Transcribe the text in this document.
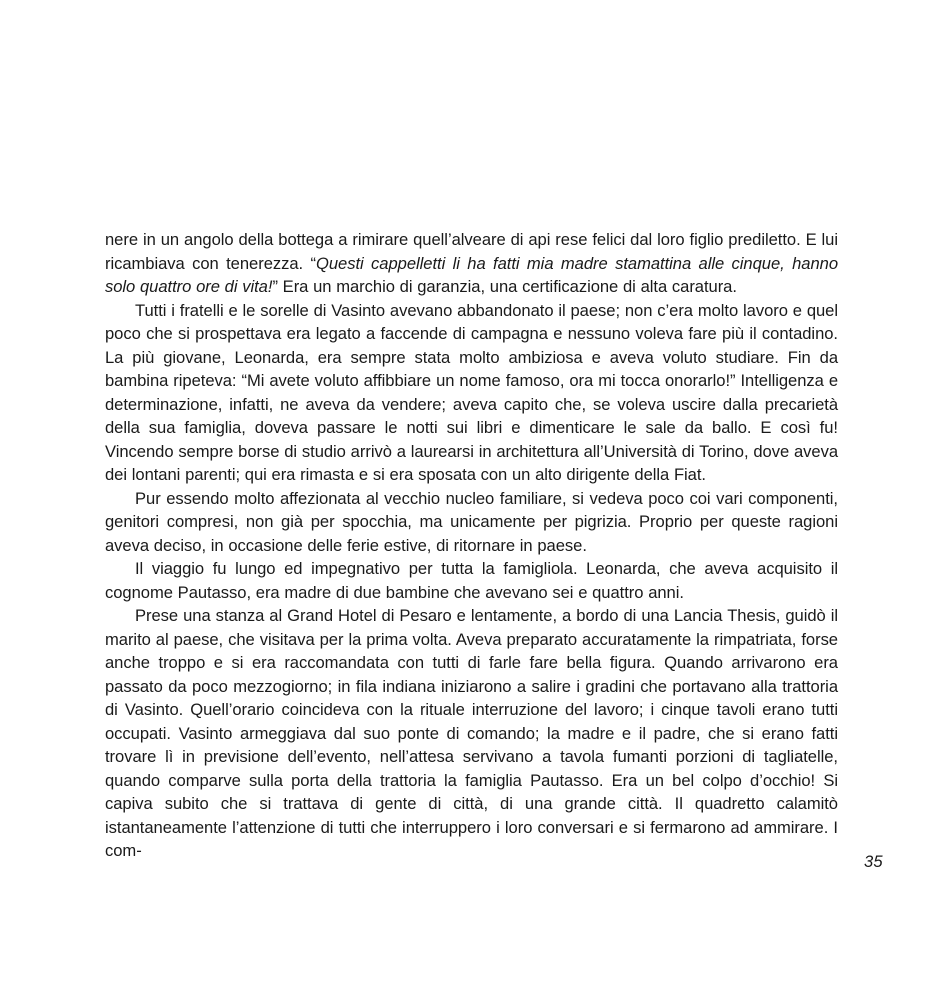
nere in un angolo della bottega a rimirare quell’alveare di api rese felici dal loro figlio prediletto. E lui ricambiava con tenerezza. “Questi cappelletti li ha fatti mia madre stamattina alle cinque, hanno solo quattro ore di vita!” Era un marchio di garanzia, una certificazione di alta caratura.

Tutti i fratelli e le sorelle di Vasinto avevano abbandonato il paese; non c’era molto lavoro e quel poco che si prospettava era legato a faccende di campagna e nessuno voleva fare più il contadino. La più giovane, Leonarda, era sempre stata molto ambiziosa e aveva voluto studiare. Fin da bambina ripeteva: “Mi avete voluto affibbiare un nome famoso, ora mi tocca onorarlo!” Intelligenza e determinazione, infatti, ne aveva da vendere; aveva capito che, se voleva uscire dalla precarietà della sua famiglia, doveva passare le notti sui libri e dimenticare le sale da ballo. E così fu! Vincendo sempre borse di studio arrivò a laurearsi in architettura all’Università di Torino, dove aveva dei lontani parenti; qui era rimasta e si era sposata con un alto dirigente della Fiat.

Pur essendo molto affezionata al vecchio nucleo familiare, si vedeva poco coi vari componenti, genitori compresi, non già per spocchia, ma unicamente per pigrizia. Proprio per queste ragioni aveva deciso, in occasione delle ferie estive, di ritornare in paese.

Il viaggio fu lungo ed impegnativo per tutta la famigliola. Leonarda, che aveva acquisito il cognome Pautasso, era madre di due bambine che avevano sei e quattro anni.

Prese una stanza al Grand Hotel di Pesaro e lentamente, a bordo di una Lancia Thesis, guidò il marito al paese, che visitava per la prima volta. Aveva preparato accuratamente la rimpatriata, forse anche troppo e si era raccomandata con tutti di farle fare bella figura. Quando arrivarono era passato da poco mezzogiorno; in fila indiana iniziarono a salire i gradini che portavano alla trattoria di Vasinto. Quell’orario coincideva con la rituale interruzione del lavoro; i cinque tavoli erano tutti occupati. Vasinto armeggiava dal suo ponte di comando; la madre e il padre, che si erano fatti trovare lì in previsione dell’evento, nell’attesa servivano a tavola fumanti porzioni di tagliatelle, quando comparve sulla porta della trattoria la famiglia Pautasso. Era un bel colpo d’occhio! Si capiva subito che si trattava di gente di città, di una grande città. Il quadretto calamitò istantaneamente l’attenzione di tutti che interruppero i loro conversari e si fermarono ad ammirare. I com-

35
